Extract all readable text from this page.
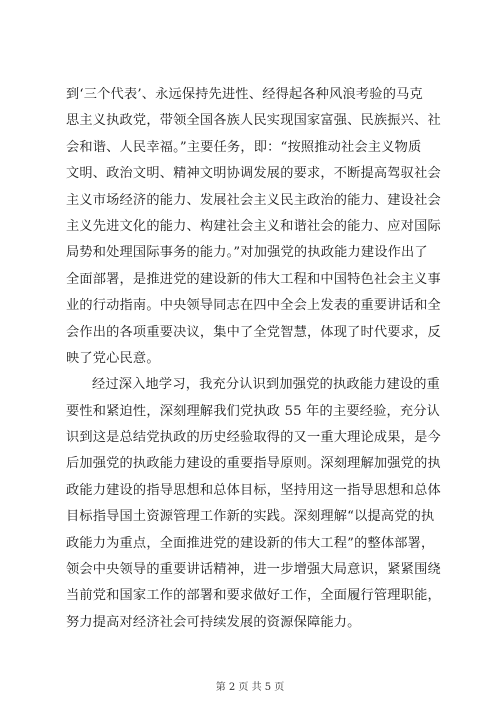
到‘三个代表’、永远保持先进性、经得起各种风浪考验的马克
思主义执政党，带领全国各族人民实现国家富强、民族振兴、社
会和谐、人民幸福。”主要任务，即：“按照推动社会主义物质
文明、政治文明、精神文明协调发展的要求，不断提高驾驭社会
主义市场经济的能力、发展社会主义民主政治的能力、建设社会
主义先进文化的能力、构建社会主义和谐社会的能力、应对国际
局势和处理国际事务的能力。”对加强党的执政能力建设作出了
全面部署，是推进党的建设新的伟大工程和中国特色社会主义事
业的行动指南。中央领导同志在四中全会上发表的重要讲话和全
会作出的各项重要决议，集中了全党智慧，体现了时代要求，反
映了党心民意。
经过深入地学习，我充分认识到加强党的执政能力建设的重
要性和紧迫性，深刻理解我们党执政 55 年的主要经验，充分认
识到这是总结党执政的历史经验取得的又一重大理论成果，是今
后加强党的执政能力建设的重要指导原则。深刻理解加强党的执
政能力建设的指导思想和总体目标，坚持用这一指导思想和总体
目标指导国土资源管理工作新的实践。深刻理解“以提高党的执
政能力为重点，全面推进党的建设新的伟大工程”的整体部署，
领会中央领导的重要讲话精神，进一步增强大局意识，紧紧围绕
当前党和国家工作的部署和要求做好工作，全面履行管理职能，
努力提高对经济社会可持续发展的资源保障能力。
第 2 页 共 5 页
